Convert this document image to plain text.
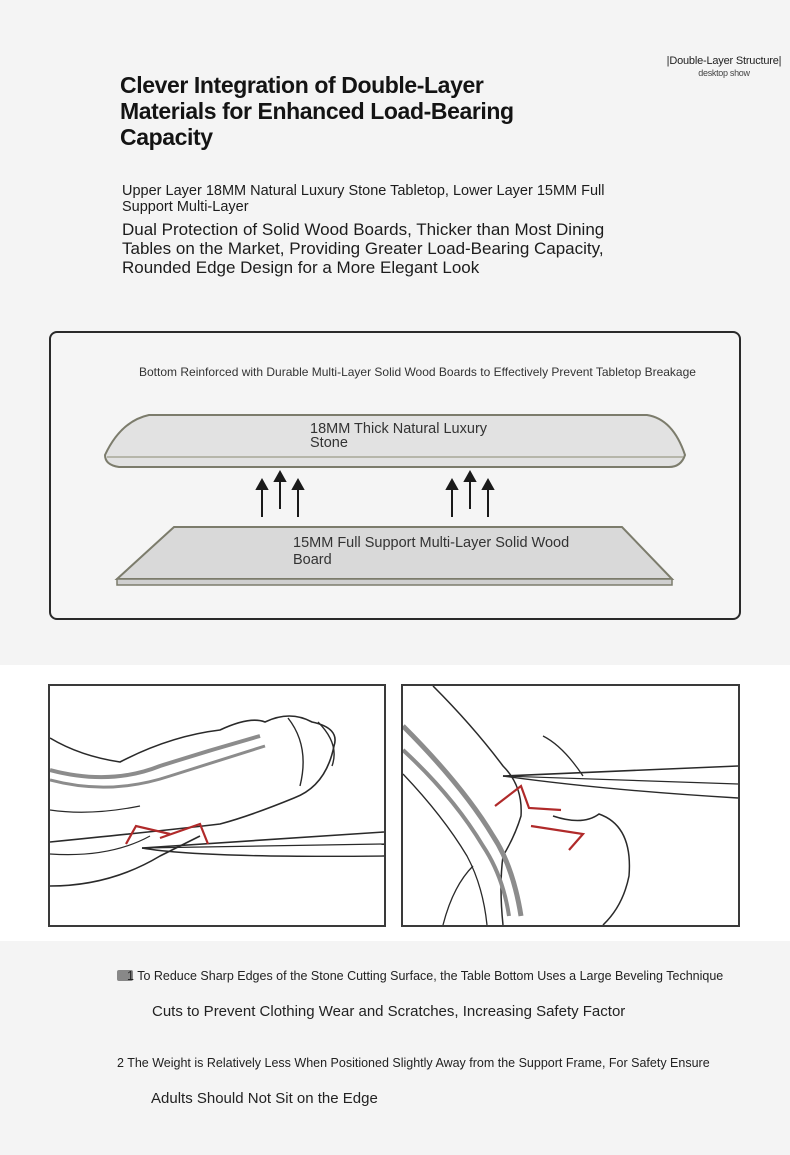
|Double-Layer Structure|
desktop show
Clever Integration of Double-Layer Materials for Enhanced Load-Bearing Capacity

Upper Layer 18MM Natural Luxury Stone Tabletop, Lower Layer 15MM Full Support Multi-Layer

Dual Protection of Solid Wood Boards, Thicker than Most Dining Tables on the Market, Providing Greater Load-Bearing Capacity, Rounded Edge Design for a More Elegant Look

Bottom Reinforced with Durable Multi-Layer Solid Wood Boards to Effectively Prevent Tabletop Breakage

18MM Thick Natural Luxury Stone

15MM Full Support Multi-Layer Solid Wood Board

1 To Reduce Sharp Edges of the Stone Cutting Surface, the Table Bottom Uses a Large Beveling Technique

Cuts to Prevent Clothing Wear and Scratches, Increasing Safety Factor

2 The Weight is Relatively Less When Positioned Slightly Away from the Support Frame, For Safety Ensure

Adults Should Not Sit on the Edge
